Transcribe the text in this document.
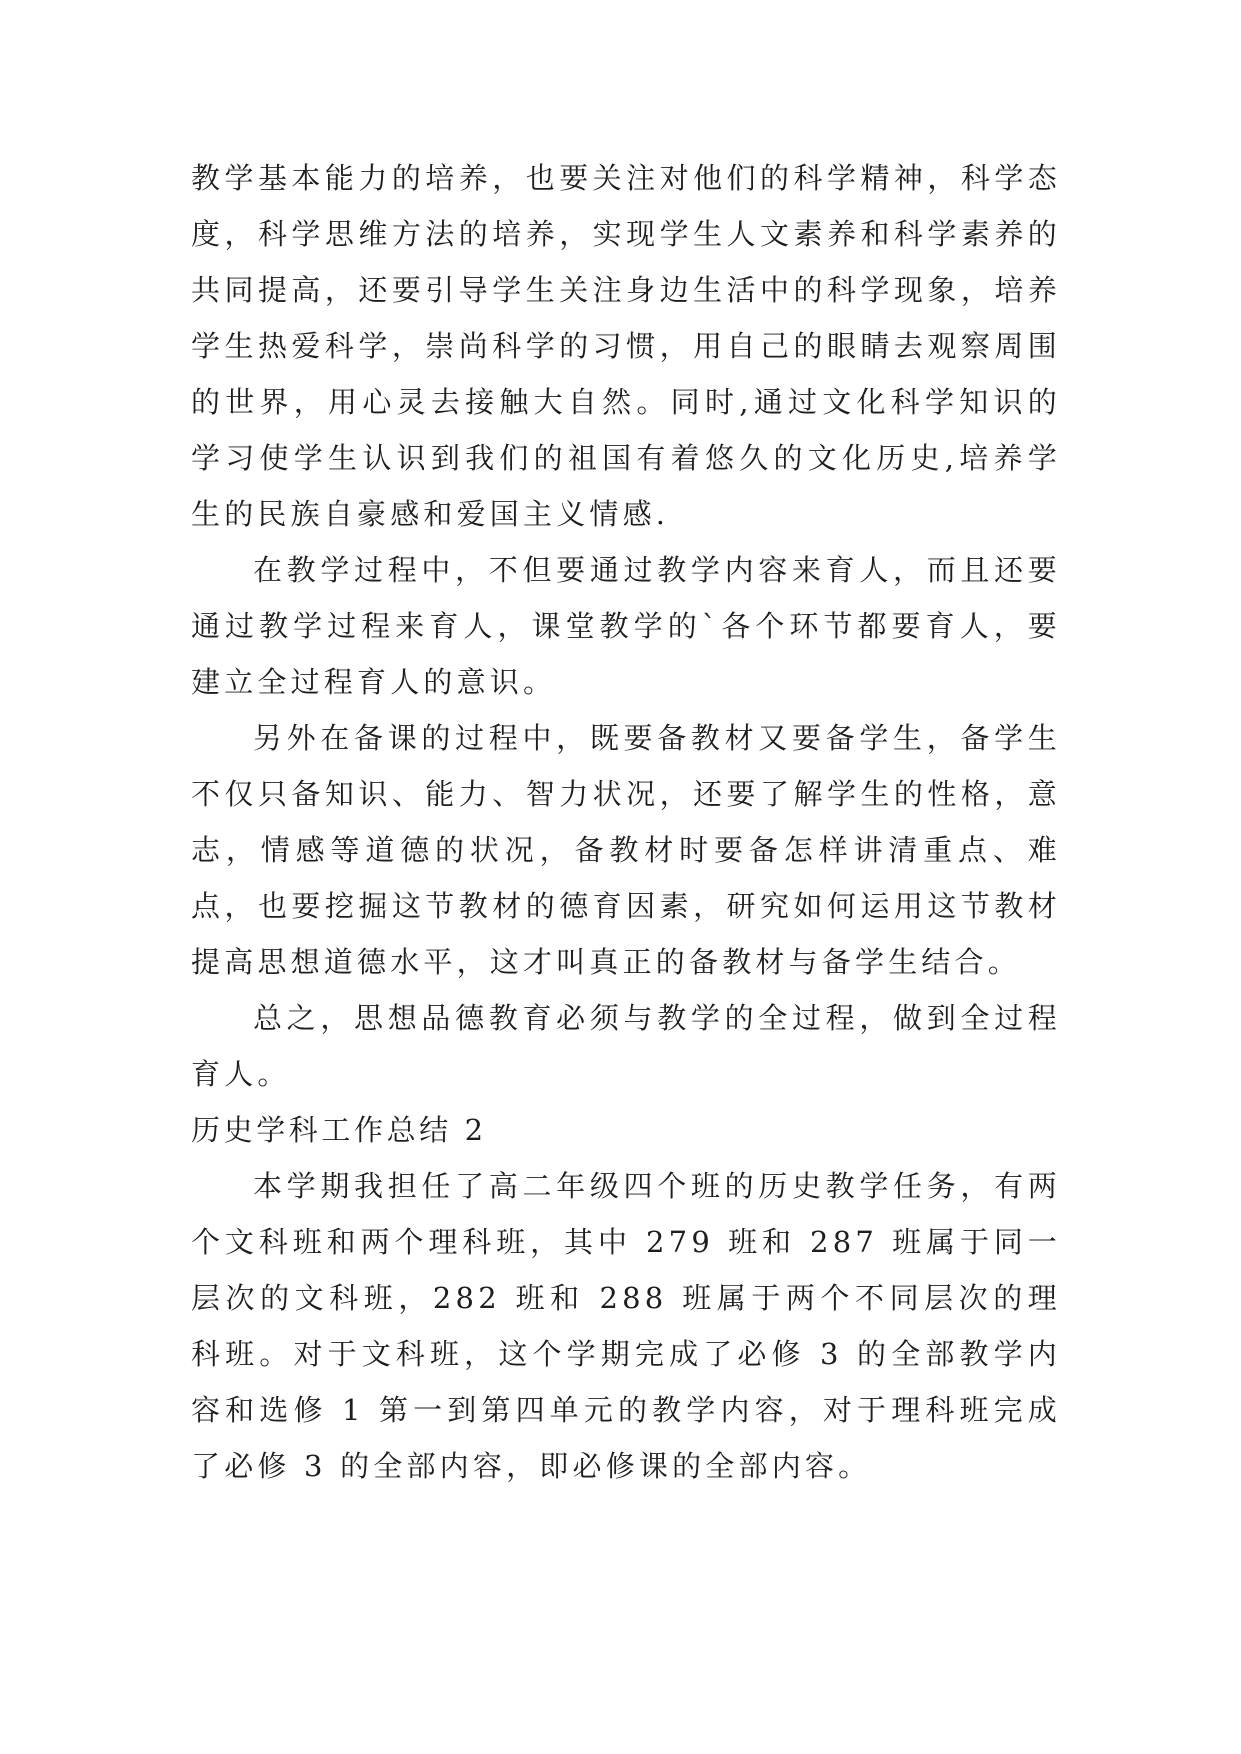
教学基本能力的培养，也要关注对他们的科学精神，科学态度，科学思维方法的培养，实现学生人文素养和科学素养的共同提高，还要引导学生关注身边生活中的科学现象，培养学生热爱科学，崇尚科学的习惯，用自己的眼睛去观察周围的世界，用心灵去接触大自然。同时,通过文化科学知识的学习使学生认识到我们的祖国有着悠久的文化历史,培养学生的民族自豪感和爱国主义情感.

在教学过程中，不但要通过教学内容来育人，而且还要通过教学过程来育人，课堂教学的`各个环节都要育人，要建立全过程育人的意识。

另外在备课的过程中，既要备教材又要备学生，备学生不仅只备知识、能力、智力状况，还要了解学生的性格，意志，情感等道德的状况，备教材时要备怎样讲清重点、难点，也要挖掘这节教材的德育因素，研究如何运用这节教材提高思想道德水平，这才叫真正的备教材与备学生结合。

总之，思想品德教育必须与教学的全过程，做到全过程育人。

历史学科工作总结 2

本学期我担任了高二年级四个班的历史教学任务，有两个文科班和两个理科班，其中 279 班和 287 班属于同一层次的文科班，282 班和 288 班属于两个不同层次的理科班。对于文科班，这个学期完成了必修 3 的全部教学内容和选修 1 第一到第四单元的教学内容，对于理科班完成了必修 3 的全部内容，即必修课的全部内容。
